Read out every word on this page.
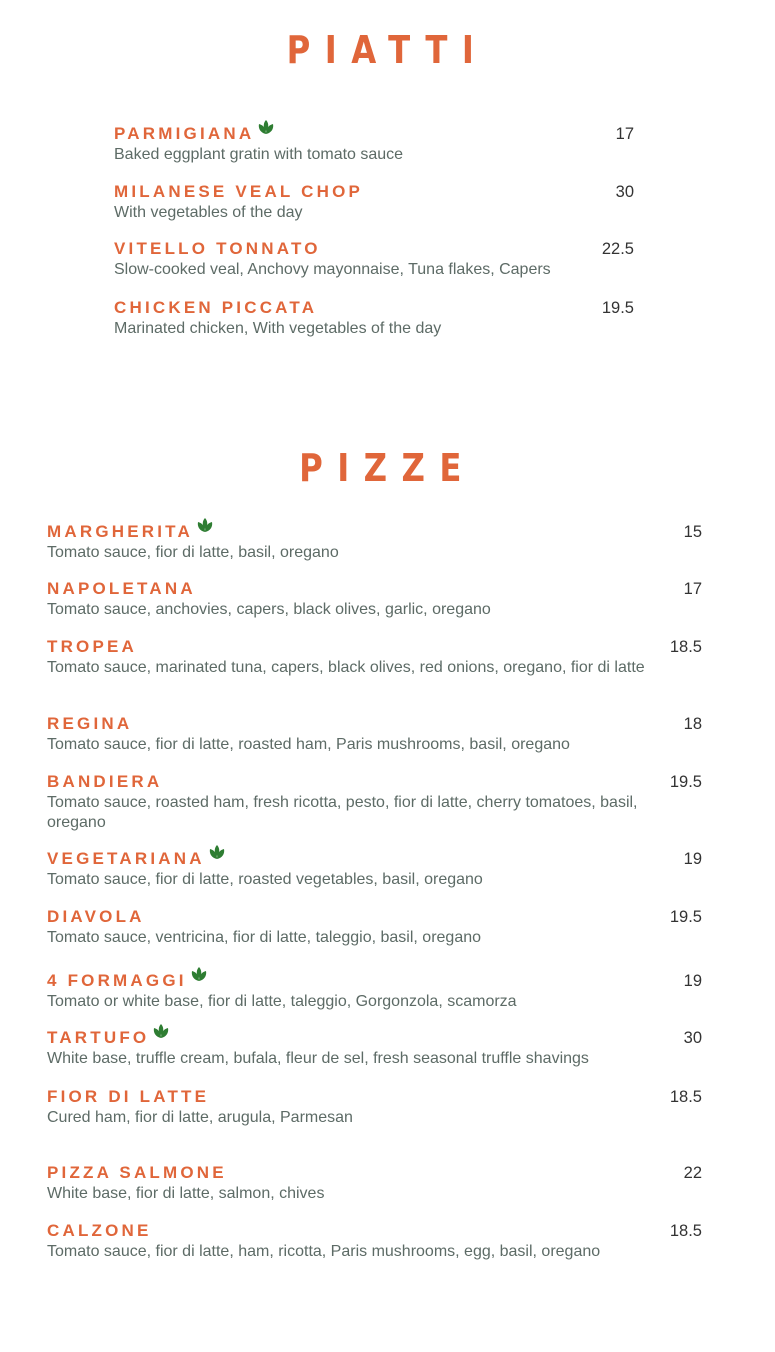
PIATTI
PARMIGIANA
Baked eggplant gratin with tomato sauce
17
MILANESE VEAL CHOP
With vegetables of the day
30
VITELLO TONNATO
Slow-cooked veal, Anchovy mayonnaise, Tuna flakes, Capers
22.5
CHICKEN PICCATA
Marinated chicken, With vegetables of the day
19.5
PIZZE
MARGHERITA
Tomato sauce, fior di latte, basil, oregano
15
NAPOLETANA
Tomato sauce, anchovies, capers, black olives, garlic, oregano
17
TROPEA
Tomato sauce, marinated tuna, capers, black olives, red onions, oregano, fior di latte
18.5
REGINA
Tomato sauce, fior di latte, roasted ham, Paris mushrooms, basil, oregano
18
BANDIERA
Tomato sauce, roasted ham, fresh ricotta, pesto, fior di latte, cherry tomatoes, basil, oregano
19.5
VEGETARIANA
Tomato sauce, fior di latte, roasted vegetables, basil, oregano
19
DIAVOLA
Tomato sauce, ventricina, fior di latte, taleggio, basil, oregano
19.5
4 FORMAGGI
Tomato or white base, fior di latte, taleggio, Gorgonzola, scamorza
19
TARTUFO
White base, truffle cream, bufala, fleur de sel, fresh seasonal truffle shavings
30
FIOR DI LATTE
Cured ham, fior di latte, arugula, Parmesan
18.5
PIZZA SALMONE
White base, fior di latte, salmon, chives
22
CALZONE
Tomato sauce, fior di latte, ham, ricotta, Paris mushrooms, egg, basil, oregano
18.5
